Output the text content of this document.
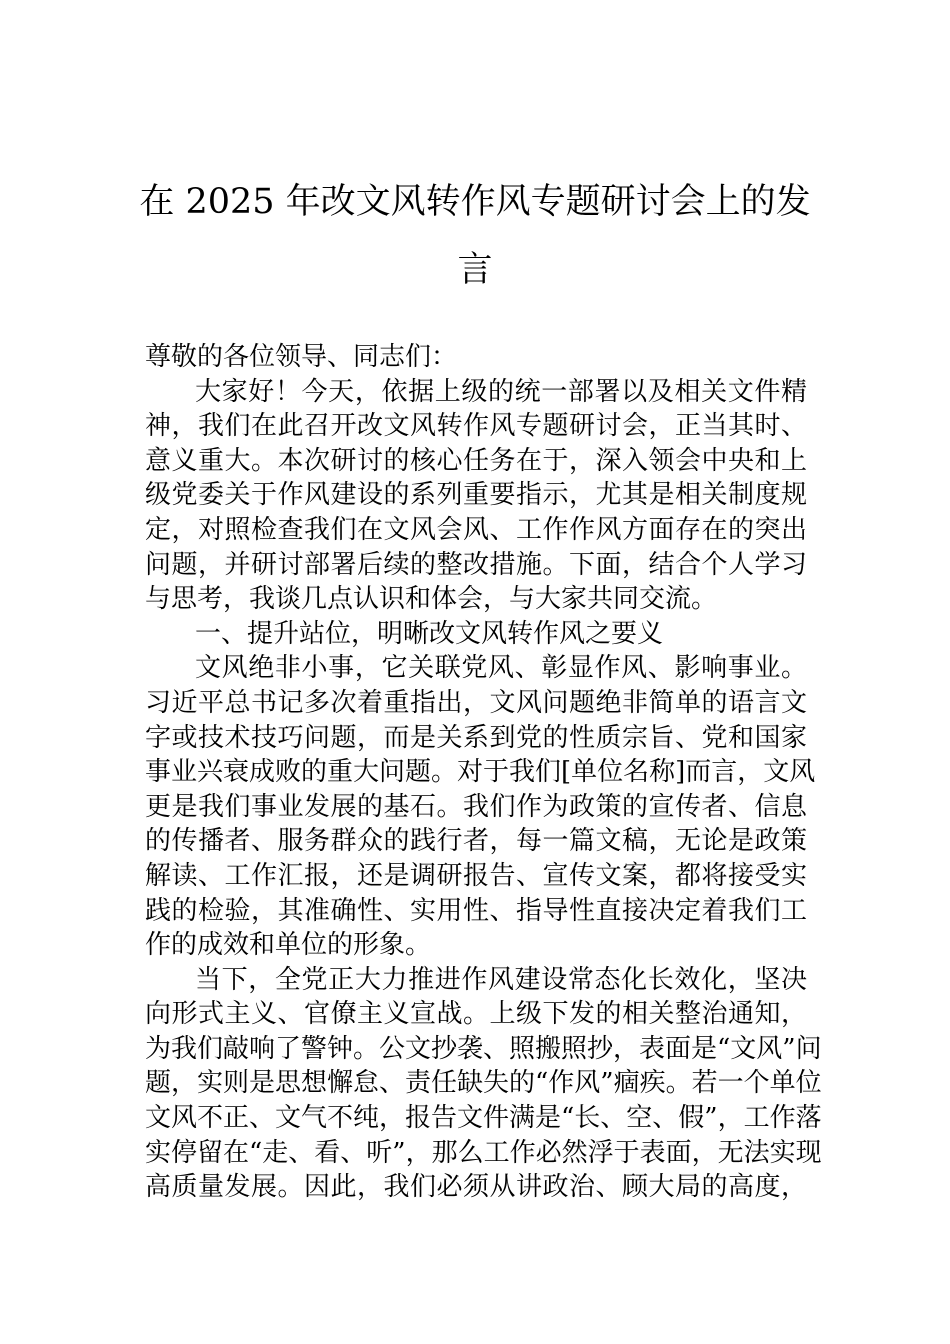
在 2025 年改文风转作风专题研讨会上的发
言
尊敬的各位领导、同志们：
大家好！今天，依据上级的统一部署以及相关文件精
神，我们在此召开改文风转作风专题研讨会，正当其时、
意义重大。本次研讨的核心任务在于，深入领会中央和上
级党委关于作风建设的系列重要指示，尤其是相关制度规
定，对照检查我们在文风会风、工作作风方面存在的突出
问题，并研讨部署后续的整改措施。下面，结合个人学习
与思考，我谈几点认识和体会，与大家共同交流。
一、提升站位，明晰改文风转作风之要义
文风绝非小事，它关联党风、彰显作风、影响事业。
习近平总书记多次着重指出，文风问题绝非简单的语言文
字或技术技巧问题，而是关系到党的性质宗旨、党和国家
事业兴衰成败的重大问题。对于我们[单位名称]而言，文风
更是我们事业发展的基石。我们作为政策的宣传者、信息
的传播者、服务群众的践行者，每一篇文稿，无论是政策
解读、工作汇报，还是调研报告、宣传文案，都将接受实
践的检验，其准确性、实用性、指导性直接决定着我们工
作的成效和单位的形象。
当下，全党正大力推进作风建设常态化长效化，坚决
向形式主义、官僚主义宣战。上级下发的相关整治通知，
为我们敲响了警钟。公文抄袭、照搬照抄，表面是“文风”问
题，实则是思想懈怠、责任缺失的“作风”痼疾。若一个单位
文风不正、文气不纯，报告文件满是“长、空、假”，工作落
实停留在“走、看、听”，那么工作必然浮于表面，无法实现
高质量发展。因此，我们必须从讲政治、顾大局的高度，
